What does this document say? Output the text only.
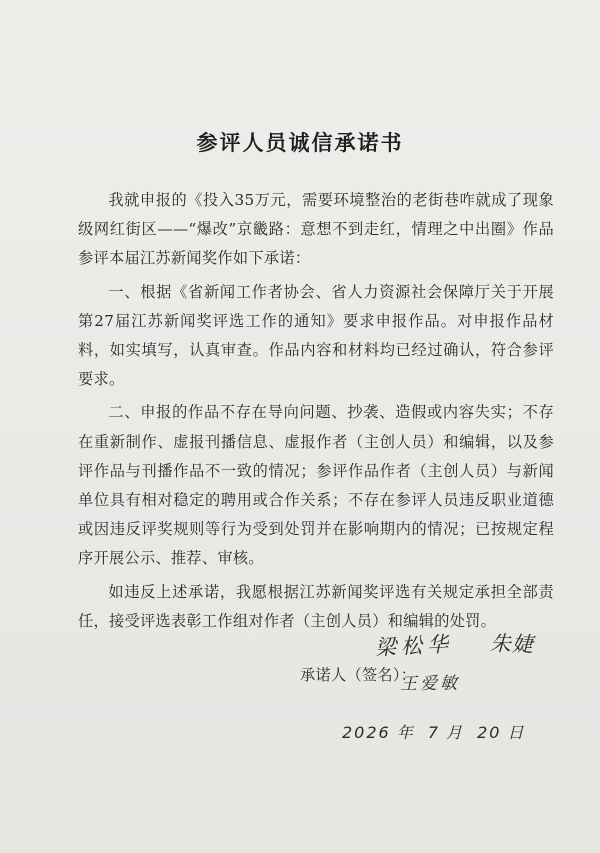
参评人员诚信承诺书

我就申报的《投入35万元，需要环境整治的老街巷咋就成了现象级网红街区——“爆改”京畿路：意想不到走红，情理之中出圈》作品参评本届江苏新闻奖作如下承诺：

一、根据《省新闻工作者协会、省人力资源社会保障厅关于开展第27届江苏新闻奖评选工作的通知》要求申报作品。对申报作品材料，如实填写，认真审查。作品内容和材料均已经过确认，符合参评要求。

二、申报的作品不存在导向问题、抄袭、造假或内容失实；不存在重新制作、虚报刊播信息、虚报作者（主创人员）和编辑，以及参评作品与刊播作品不一致的情况；参评作品作者（主创人员）与新闻单位具有相对稳定的聘用或合作关系；不存在参评人员违反职业道德或因违反评奖规则等行为受到处罚并在影响期内的情况；已按规定程序开展公示、推荐、审核。

如违反上述承诺，我愿根据江苏新闻奖评选有关规定承担全部责任，接受评选表彰工作组对作者（主创人员）和编辑的处罚。

梁松华 朱婕
承诺人（签名）：
王爱敏
2026 年 7 月 20 日
